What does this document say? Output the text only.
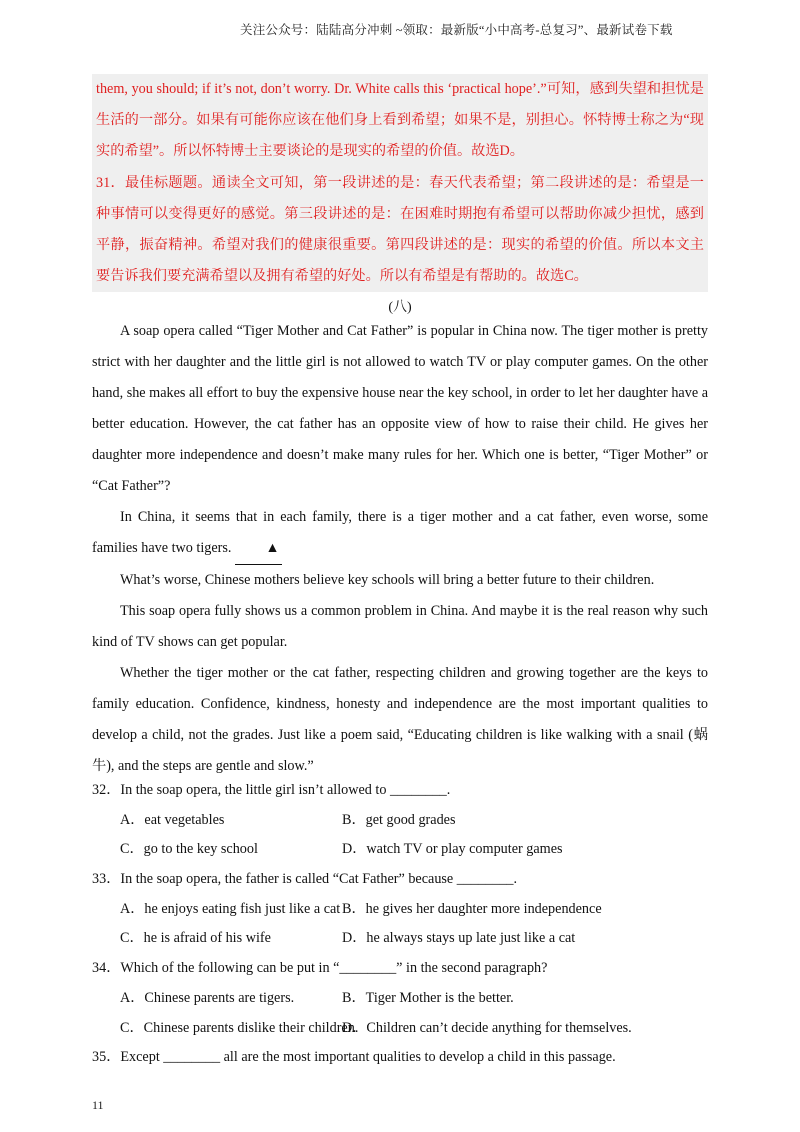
关注公众号：陆陆高分冲刺 ~领取：最新版“小中高考-总复习”、最新试卷下载

them, you should; if it’s not, don’t worry. Dr. White calls this ‘practical hope’.”可知，感到失望和担忧是生活的一部分。如果有可能你应该在他们身上看到希望；如果不是，别担心。怀特博士称之为“现实的希望”。所以怀特博士主要谈论的是现实的希望的价值。故选D。

31．最佳标题题。通读全文可知，第一段讲述的是：春天代表希望；第二段讲述的是：希望是一种事情可以变得更好的感觉。第三段讲述的是：在困难时期抱有希望可以帮助你减少担忧，感到平静，振奋精神。希望对我们的健康很重要。第四段讲述的是：现实的希望的价值。所以本文主要告诉我们要充满希望以及拥有希望的好处。所以有希望是有帮助的。故选C。

(八)

A soap opera called “Tiger Mother and Cat Father” is popular in China now. The tiger mother is pretty strict with her daughter and the little girl is not allowed to watch TV or play computer games. On the other hand, she makes all effort to buy the expensive house near the key school, in order to let her daughter have a better education. However, the cat father has an opposite view of how to raise their child. He gives her daughter more independence and doesn’t make many rules for her. Which one is better, “Tiger Mother” or “Cat Father”?

In China, it seems that in each family, there is a tiger mother and a cat father, even worse, some families have two tigers. ▲

What’s worse, Chinese mothers believe key schools will bring a better future to their children.

This soap opera fully shows us a common problem in China. And maybe it is the real reason why such kind of TV shows can get popular.

Whether the tiger mother or the cat father, respecting children and growing together are the keys to family education. Confidence, kindness, honesty and independence are the most important qualities to develop a child, not the grades. Just like a poem said, “Educating children is like walking with a snail (蜗牛), and the steps are gentle and slow.”

32．In the soap opera, the little girl isn’t allowed to ________.
A．eat vegetables	B．get good grades
C．go to the key school	D．watch TV or play computer games
33．In the soap opera, the father is called “Cat Father” because ________.
A．he enjoys eating fish just like a cat B．he gives her daughter more independence
C．he is afraid of his wife	D．he always stays up late just like a cat
34．Which of the following can be put in “________” in the second paragraph?
A．Chinese parents are tigers.	B．Tiger Mother is the better.
C．Chinese parents dislike their children.
D．Children can’t decide anything for themselves.
35．Except ________ all are the most important qualities to develop a child in this passage.
11
